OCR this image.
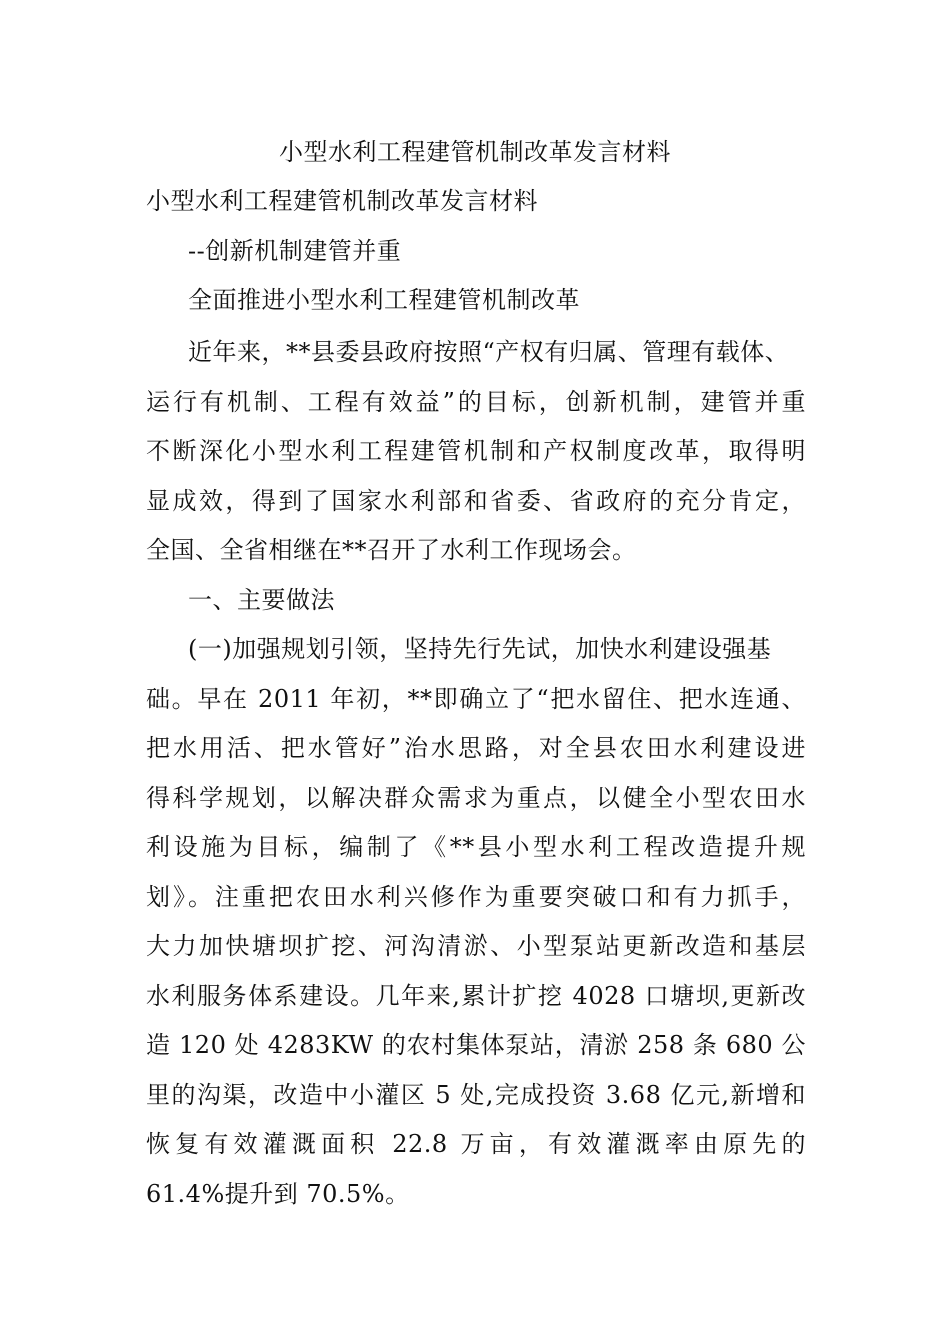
小型水利工程建管机制改革发言材料
小型水利工程建管机制改革发言材料
--创新机制建管并重
全面推进小型水利工程建管机制改革
近年来，**县委县政府按照“产权有归属、管理有载体、
运行有机制、工程有效益”的目标，创新机制，建管并重
不断深化小型水利工程建管机制和产权制度改革，取得明
显成效，得到了国家水利部和省委、省政府的充分肯定，
全国、全省相继在**召开了水利工作现场会。
一、主要做法
(一)加强规划引领，坚持先行先试，加快水利建设强基
础。早在 2011 年初，**即确立了“把水留住、把水连通、
把水用活、把水管好”治水思路，对全县农田水利建设进
得科学规划，以解决群众需求为重点，以健全小型农田水
利设施为目标，编制了《**县小型水利工程改造提升规
划》。注重把农田水利兴修作为重要突破口和有力抓手，
大力加快塘坝扩挖、河沟清淤、小型泵站更新改造和基层
水利服务体系建设。几年来,累计扩挖 4028 口塘坝,更新改
造 120 处 4283KW 的农村集体泵站，清淤 258 条 680 公
里的沟渠，改造中小灌区 5 处,完成投资 3.68 亿元,新增和
恢复有效灌溉面积 22.8 万亩，有效灌溉率由原先的
61.4%提升到 70.5%。
